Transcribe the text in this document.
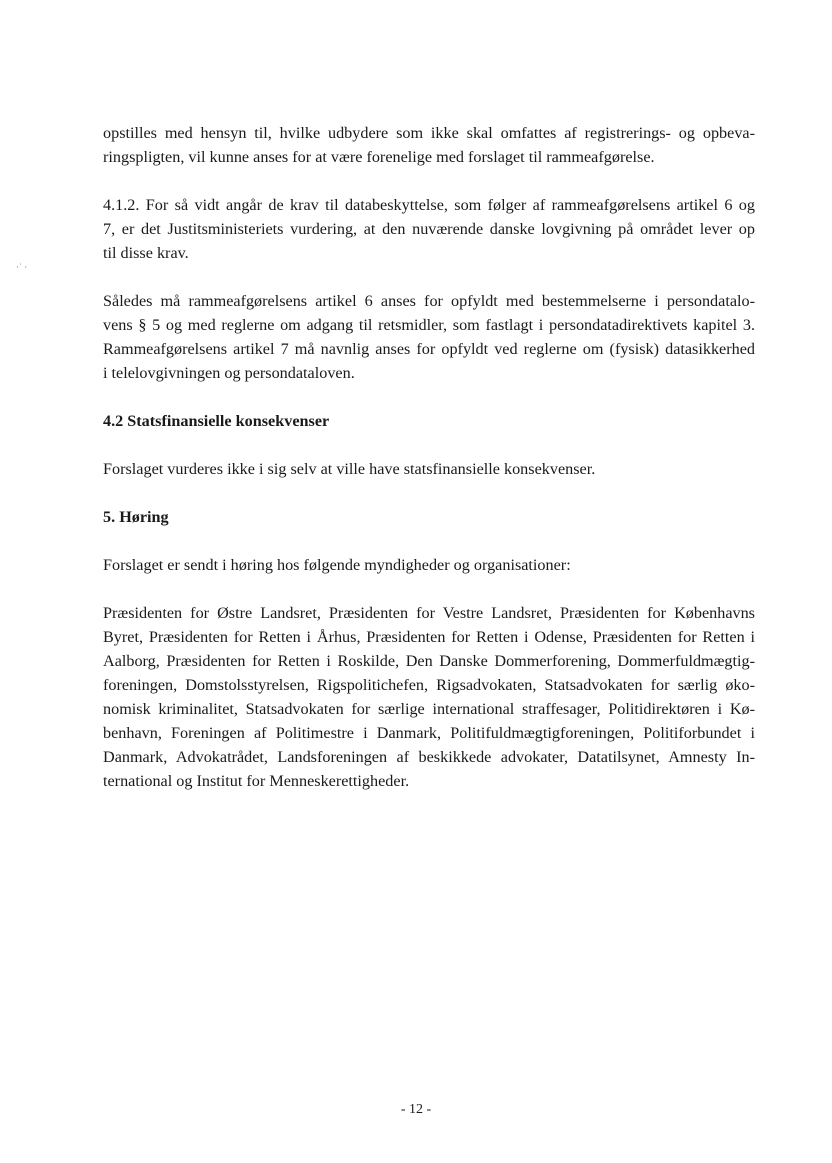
·˙ ·
opstilles med hensyn til, hvilke udbydere som ikke skal omfattes af registrerings- og opbeva-
ringspligten, vil kunne anses for at være forenelige med forslaget til rammeafgørelse.
4.1.2. For så vidt angår de krav til databeskyttelse, som følger af rammeafgørelsens artikel 6 og
7, er det Justitsministeriets vurdering, at den nuværende danske lovgivning på området lever op
til disse krav.
Således må rammeafgørelsens artikel 6 anses for opfyldt med bestemmelserne i persondatalo-
vens § 5 og med reglerne om adgang til retsmidler, som fastlagt i persondatadirektivets kapitel 3.
Rammeafgørelsens artikel 7 må navnlig anses for opfyldt ved reglerne om (fysisk) datasikkerhed
i telelovgivningen og persondataloven.
4.2 Statsfinansielle konsekvenser
Forslaget vurderes ikke i sig selv at ville have statsfinansielle konsekvenser.
5. Høring
Forslaget er sendt i høring hos følgende myndigheder og organisationer:
Præsidenten for Østre Landsret, Præsidenten for Vestre Landsret, Præsidenten for Københavns
Byret, Præsidenten for Retten i Århus, Præsidenten for Retten i Odense, Præsidenten for Retten i
Aalborg, Præsidenten for Retten i Roskilde, Den Danske Dommerforening, Dommerfuldmægtig-
foreningen, Domstolsstyrelsen, Rigspolitichefen, Rigsadvokaten, Statsadvokaten for særlig øko-
nomisk kriminalitet, Statsadvokaten for særlige international straffesager, Politidirektøren i Kø-
benhavn, Foreningen af Politimestre i Danmark, Politifuldmægtigforeningen, Politiforbundet i
Danmark, Advokatrådet, Landsforeningen af beskikkede advokater, Datatilsynet, Amnesty In-
ternational og Institut for Menneskerettigheder.
- 12 -
